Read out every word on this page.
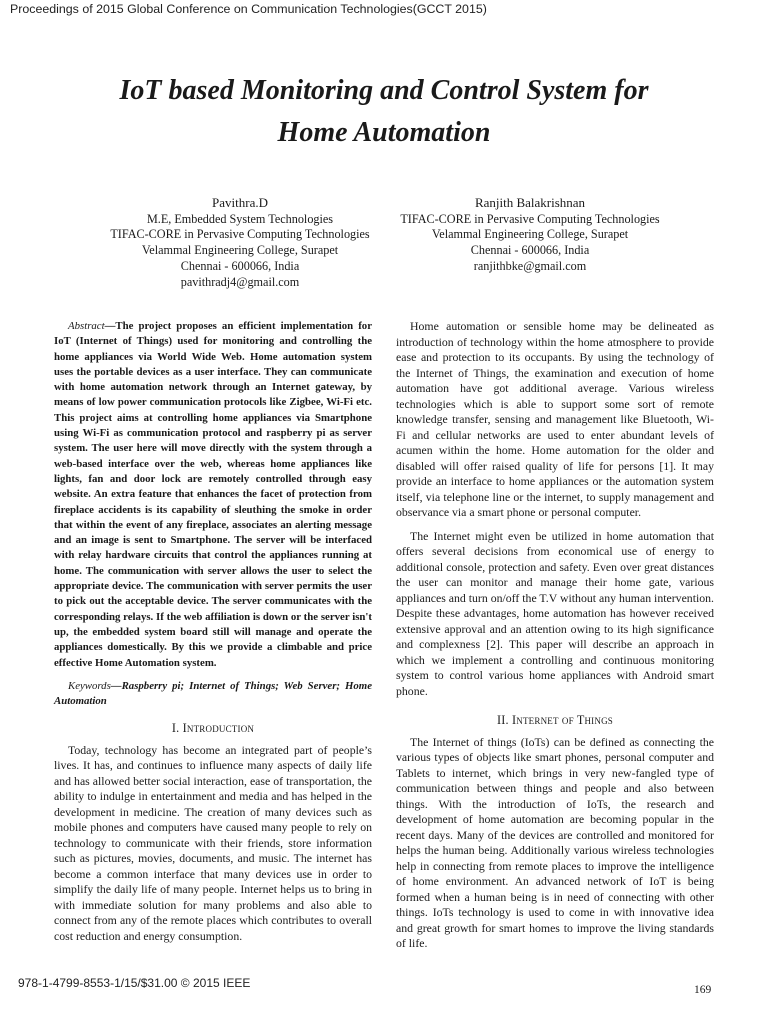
Proceedings of 2015 Global Conference on Communication Technologies(GCCT 2015)
IoT based Monitoring and Control System for
Home Automation
Pavithra.D
M.E, Embedded System Technologies
TIFAC-CORE in Pervasive Computing Technologies
Velammal Engineering College, Surapet
Chennai - 600066, India
pavithradj4@gmail.com
Ranjith Balakrishnan
TIFAC-CORE in Pervasive Computing Technologies
Velammal Engineering College, Surapet
Chennai - 600066, India
ranjithbke@gmail.com

Abstract—The project proposes an efficient implementation for IoT (Internet of Things) used for monitoring and controlling the home appliances via World Wide Web. Home automation system uses the portable devices as a user interface. They can communicate with home automation network through an Internet gateway, by means of low power communication protocols like Zigbee, Wi-Fi etc. This project aims at controlling home appliances via Smartphone using Wi-Fi as communication protocol and raspberry pi as server system. The user here will move directly with the system through a web-based interface over the web, whereas home appliances like lights, fan and door lock are remotely controlled through easy website. An extra feature that enhances the facet of protection from fireplace accidents is its capability of sleuthing the smoke in order that within the event of any fireplace, associates an alerting message and an image is sent to Smartphone. The server will be interfaced with relay hardware circuits that control the appliances running at home. The communication with server allows the user to select the appropriate device. The communication with server permits the user to pick out the acceptable device. The server communicates with the corresponding relays. If the web affiliation is down or the server isn't up, the embedded system board still will manage and operate the appliances domestically. By this we provide a climbable and price effective Home Automation system.

Keywords—Raspberry pi; Internet of Things; Web Server; Home Automation

I. Introduction

Today, technology has become an integrated part of people’s lives. It has, and continues to influence many aspects of daily life and has allowed better social interaction, ease of transportation, the ability to indulge in entertainment and media and has helped in the development in medicine. The creation of many devices such as mobile phones and computers have caused many people to rely on technology to communicate with their friends, store information such as pictures, movies, documents, and music. The internet has become a common interface that many devices use in order to simplify the daily life of many people. Internet helps us to bring in with immediate solution for many problems and also able to connect from any of the remote places which contributes to overall cost reduction and energy consumption.

Home automation or sensible home may be delineated as introduction of technology within the home atmosphere to provide ease and protection to its occupants. By using the technology of the Internet of Things, the examination and execution of home automation have got additional average. Various wireless technologies which is able to support some sort of remote knowledge transfer, sensing and management like Bluetooth, Wi-Fi and cellular networks are used to enter abundant levels of acumen within the home. Home automation for the older and disabled will offer raised quality of life for persons [1]. It may provide an interface to home appliances or the automation system itself, via telephone line or the internet, to supply management and observance via a smart phone or personal computer.

The Internet might even be utilized in home automation that offers several decisions from economical use of energy to additional console, protection and safety. Even over great distances the user can monitor and manage their home gate, various appliances and turn on/off the T.V without any human intervention. Despite these advantages, home automation has however received extensive approval and an attention owing to its high significance and complexness [2]. This paper will describe an approach in which we implement a controlling and continuous monitoring system to control various home appliances with Android smart phone.

II. Internet of Things

The Internet of things (IoTs) can be defined as connecting the various types of objects like smart phones, personal computer and Tablets to internet, which brings in very new-fangled type of communication between things and people and also between things. With the introduction of IoTs, the research and development of home automation are becoming popular in the recent days. Many of the devices are controlled and monitored for helps the human being. Additionally various wireless technologies help in connecting from remote places to improve the intelligence of home environment. An advanced network of IoT is being formed when a human being is in need of connecting with other things. IoTs technology is used to come in with innovative idea and great growth for smart homes to improve the living standards of life.

978-1-4799-8553-1/15/$31.00 © 2015 IEEE	169
